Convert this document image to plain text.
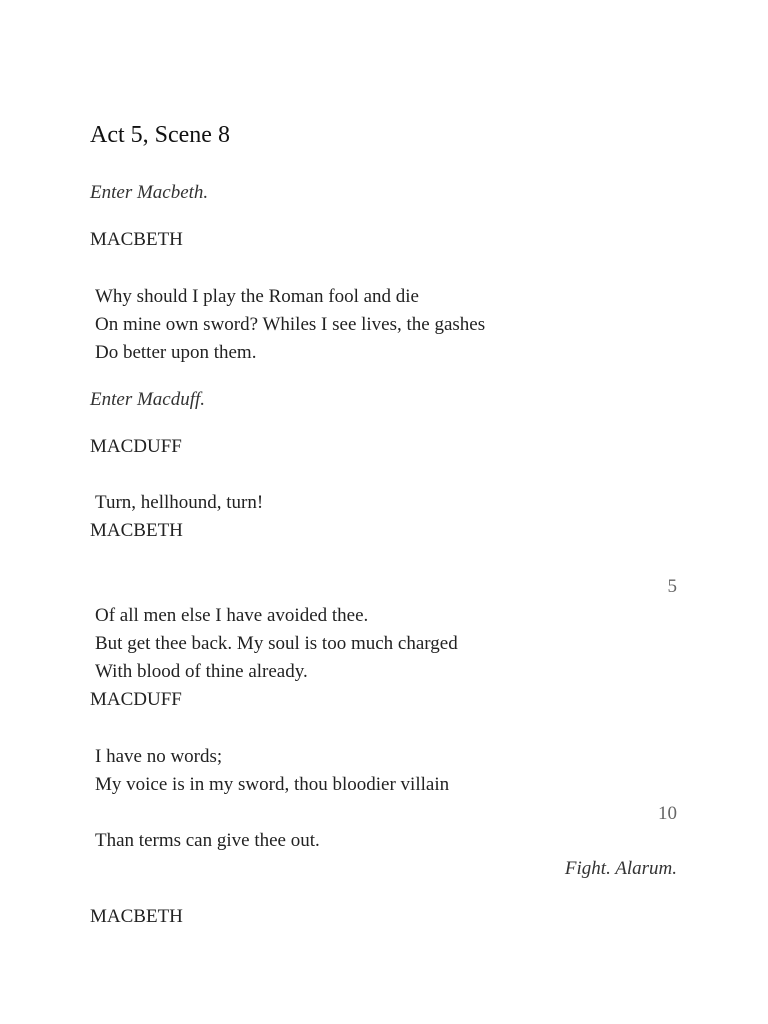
Act 5, Scene 8
Enter Macbeth.
MACBETH
Why should I play the Roman fool and die
On mine own sword? Whiles I see lives, the gashes
Do better upon them.
Enter Macduff.
MACDUFF
Turn, hellhound, turn!
MACBETH
5
Of all men else I have avoided thee.
But get thee back. My soul is too much charged
With blood of thine already.
MACDUFF
I have no words;
My voice is in my sword, thou bloodier villain
10
Than terms can give thee out.
Fight. Alarum.
MACBETH
